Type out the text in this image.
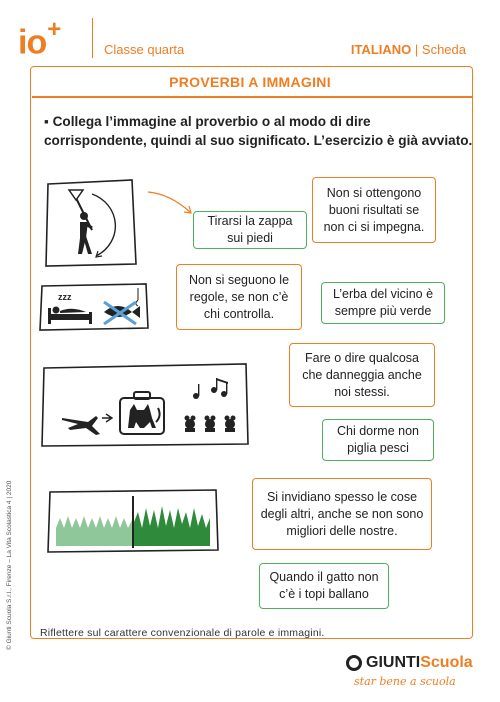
io+
Classe quarta	ITALIANO | Scheda
PROVERBI A IMMAGINI
▪ Collega l’immagine al proverbio o al modo di dire corrispondente, quindi al suo significato. L’esercizio è già avviato.
zzz
Tirarsi la zappa sui piedi
Non si ottengono buoni risultati se non ci si impegna.
Non si seguono le regole, se non c’è chi controlla.
L’erba del vicino è sempre più verde
Fare o dire qualcosa che danneggia anche noi stessi.
Chi dorme non piglia pesci
Si invidiano spesso le cose degli altri, anche se non sono migliori delle nostre.
Quando il gatto non c’è i topi ballano
Riflettere sul carattere convenzionale di parole e immagini.
© Giunti Scuola S.r.l., Firenze – La Vita Scolastica 4 | 2020
GIUNTIScuola
star bene a scuola
